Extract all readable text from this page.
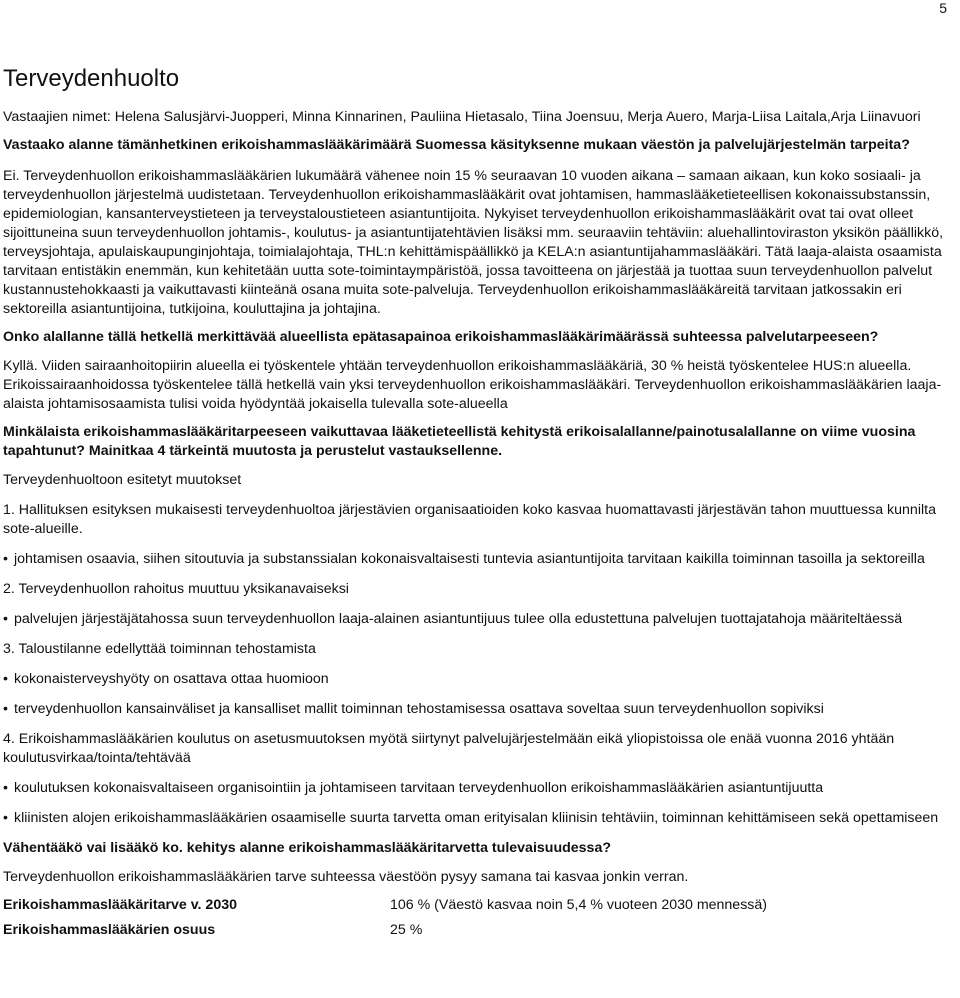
5
Terveydenhuolto

Vastaajien nimet: Helena Salusjärvi-Juopperi, Minna Kinnarinen, Pauliina Hietasalo, Tiina Joensuu, Merja Auero, Marja-Liisa Laitala,Arja Liinavuori

Vastaako alanne tämänhetkinen erikoishammaslääkärimäärä Suomessa käsityksenne mukaan väestön ja palvelujärjestelmän tarpeita?

Ei. Terveydenhuollon erikoishammaslääkärien lukumäärä vähenee noin 15 % seuraavan 10 vuoden aikana – samaan aikaan, kun koko sosiaali- ja terveydenhuollon järjestelmä uudistetaan. Terveydenhuollon erikoishammaslääkärit ovat johtamisen, hammaslääketieteellisen kokonaissubstanssin, epidemiologian, kansanterveystieteen ja terveystaloustieteen asiantuntijoita. Nykyiset terveydenhuollon erikoishammaslääkärit ovat tai ovat olleet sijoittuneina suun terveydenhuollon johtamis-, koulutus- ja asiantuntijatehtävien lisäksi mm. seuraaviin tehtäviin: aluehallintoviraston yksikön päällikkö, terveysjohtaja, apulaiskaupunginjohtaja, toimialajohtaja, THL:n kehittämispäällikkö ja KELA:n asiantuntijahammaslääkäri. Tätä laaja-alaista osaamista tarvitaan entistäkin enemmän, kun kehitetään uutta sote-toimintaympäristöä, jossa tavoitteena on järjestää ja tuottaa suun terveydenhuollon palvelut kustannustehokkaasti ja vaikuttavasti kiinteänä osana muita sote-palveluja. Terveydenhuollon erikoishammaslääkäreitä tarvitaan jatkossakin eri sektoreilla asiantuntijoina, tutkijoina, kouluttajina ja johtajina.

Onko alallanne tällä hetkellä merkittävää alueellista epätasapainoa erikoishammaslääkärimäärässä suhteessa palvelutarpeeseen?

Kyllä. Viiden sairaanhoitopiirin alueella ei työskentele yhtään terveydenhuollon erikoishammaslääkäriä, 30 % heistä työskentelee HUS:n alueella. Erikoissairaanhoidossa työskentelee tällä hetkellä vain yksi terveydenhuollon erikoishammaslääkäri. Terveydenhuollon erikoishammaslääkärien laaja-alaista johtamisosaamista tulisi voida hyödyntää jokaisella tulevalla sote-alueella

Minkälaista erikoishammaslääkäritarpeeseen vaikuttavaa lääketieteellistä kehitystä erikoisalallanne/painotusalallanne on viime vuosina tapahtunut? Mainitkaa 4 tärkeintä muutosta ja perustelut vastauksellenne.

Terveydenhuoltoon esitetyt muutokset

1. Hallituksen esityksen mukaisesti terveydenhuoltoa järjestävien organisaatioiden koko kasvaa huomattavasti järjestävän tahon muuttuessa kunnilta sote-alueille.

• johtamisen osaavia, siihen sitoutuvia ja substanssialan kokonaisvaltaisesti tuntevia asiantuntijoita tarvitaan kaikilla toiminnan tasoilla ja sektoreilla

2. Terveydenhuollon rahoitus muuttuu yksikanavaiseksi

• palvelujen järjestäjätahossa suun terveydenhuollon laaja-alainen asiantuntijuus tulee olla edustettuna palvelujen tuottajatahoja määriteltäessä

3. Taloustilanne edellyttää toiminnan tehostamista

• kokonaisterveyshyöty on osattava ottaa huomioon

• terveydenhuollon kansainväliset ja kansalliset mallit toiminnan tehostamisessa osattava soveltaa suun terveydenhuollon sopiviksi

4. Erikoishammaslääkärien koulutus on asetusmuutoksen myötä siirtynyt palvelujärjestelmään eikä yliopistoissa ole enää vuonna 2016 yhtään koulutusvirkaa/tointa/tehtävää

• koulutuksen kokonaisvaltaiseen organisointiin ja johtamiseen tarvitaan terveydenhuollon erikoishammaslääkärien asiantuntijuutta

• kliinisten alojen erikoishammaslääkärien osaamiselle suurta tarvetta oman erityisalan kliinisin tehtäviin, toiminnan kehittämiseen sekä opettamiseen

Vähentääkö vai lisääkö ko. kehitys alanne erikoishammaslääkäritarvetta tulevaisuudessa?

Terveydenhuollon erikoishammaslääkärien tarve suhteessa väestöön pysyy samana tai kasvaa jonkin verran.

Erikoishammaslääkäritarve v. 2030	106 % (Väestö kasvaa noin 5,4 % vuoteen 2030 mennessä)
Erikoishammaslääkärien osuus	25 %
